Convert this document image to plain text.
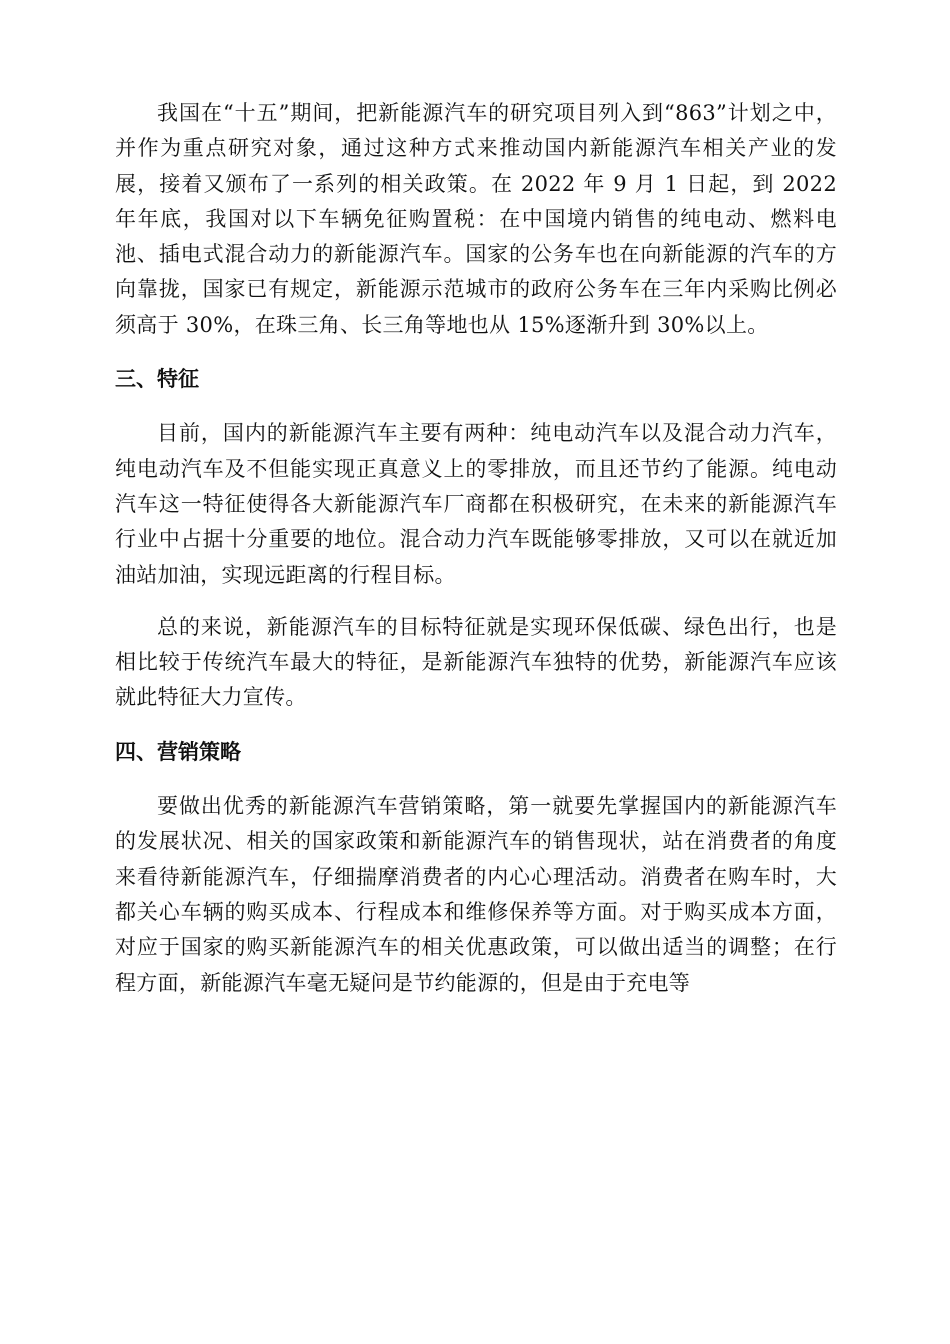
我国在“十五”期间，把新能源汽车的研究项目列入到“863”计划之中，并作为重点研究对象，通过这种方式来推动国内新能源汽车相关产业的发展，接着又颁布了一系列的相关政策。在 2022 年 9 月 1 日起，到 2022 年年底，我国对以下车辆免征购置税：在中国境内销售的纯电动、燃料电池、插电式混合动力的新能源汽车。国家的公务车也在向新能源的汽车的方向靠拢，国家已有规定，新能源示范城市的政府公务车在三年内采购比例必须高于 30%，在珠三角、长三角等地也从 15%逐渐升到 30%以上。

三、特征

目前，国内的新能源汽车主要有两种：纯电动汽车以及混合动力汽车，纯电动汽车及不但能实现正真意义上的零排放，而且还节约了能源。纯电动汽车这一特征使得各大新能源汽车厂商都在积极研究，在未来的新能源汽车行业中占据十分重要的地位。混合动力汽车既能够零排放，又可以在就近加油站加油，实现远距离的行程目标。

总的来说，新能源汽车的目标特征就是实现环保低碳、绿色出行，也是相比较于传统汽车最大的特征，是新能源汽车独特的优势，新能源汽车应该就此特征大力宣传。

四、营销策略

要做出优秀的新能源汽车营销策略，第一就要先掌握国内的新能源汽车的发展状况、相关的国家政策和新能源汽车的销售现状，站在消费者的角度来看待新能源汽车，仔细揣摩消费者的内心心理活动。消费者在购车时，大都关心车辆的购买成本、行程成本和维修保养等方面。对于购买成本方面，对应于国家的购买新能源汽车的相关优惠政策，可以做出适当的调整；在行程方面，新能源汽车毫无疑问是节约能源的，但是由于充电等
